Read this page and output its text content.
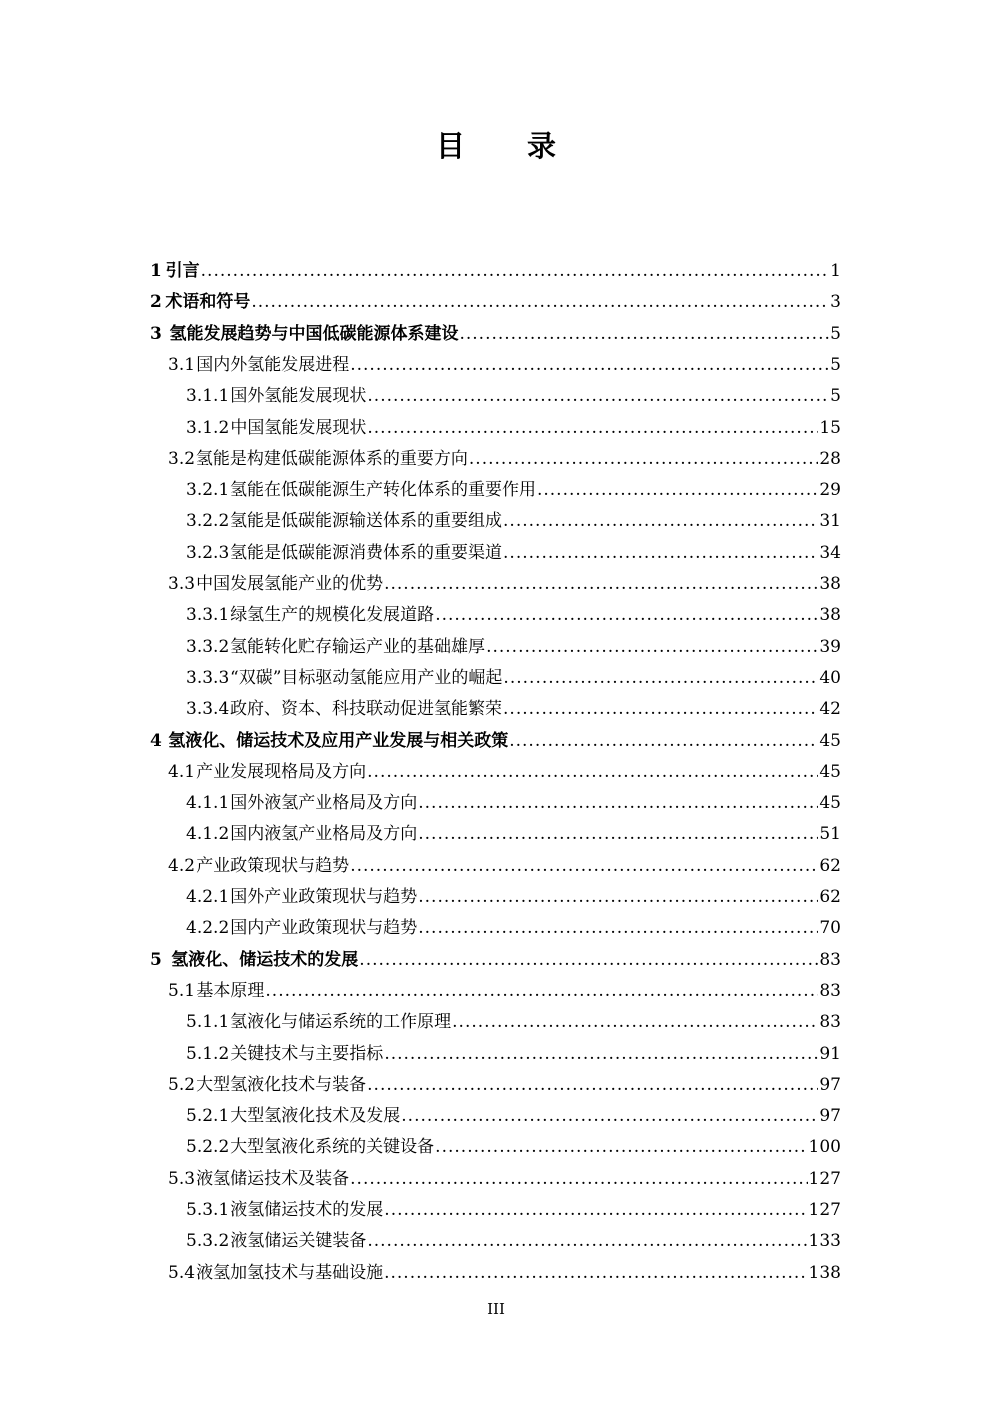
目 录
1 引言 .....	1
2 术语和符号 .....	3
3 氢能发展趋势与中国低碳能源体系建设 .....	5
3.1 国内外氢能发展进程 .....	5
3.1.1 国外氢能发展现状 .....	5
3.1.2 中国氢能发展现状 .....	15
3.2 氢能是构建低碳能源体系的重要方向 .....	28
3.2.1 氢能在低碳能源生产转化体系的重要作用 .....	29
3.2.2 氢能是低碳能源输送体系的重要组成 .....	31
3.2.3 氢能是低碳能源消费体系的重要渠道 .....	34
3.3 中国发展氢能产业的优势 .....	38
3.3.1 绿氢生产的规模化发展道路 .....	38
3.3.2 氢能转化贮存输运产业的基础雄厚 .....	39
3.3.3 “双碳”目标驱动氢能应用产业的崛起 .....	40
3.3.4 政府、资本、科技联动促进氢能繁荣 .....	42
4 氢液化、储运技术及应用产业发展与相关政策 .....	45
4.1 产业发展现格局及方向 .....	45
4.1.1 国外液氢产业格局及方向 .....	45
4.1.2 国内液氢产业格局及方向 .....	51
4.2 产业政策现状与趋势 .....	62
4.2.1 国外产业政策现状与趋势 .....	62
4.2.2 国内产业政策现状与趋势 .....	70
5 氢液化、储运技术的发展 .....	83
5.1 基本原理 .....	83
5.1.1 氢液化与储运系统的工作原理 .....	83
5.1.2 关键技术与主要指标 .....	91
5.2 大型氢液化技术与装备 .....	97
5.2.1 大型氢液化技术及发展 .....	97
5.2.2 大型氢液化系统的关键设备 .....	100
5.3 液氢储运技术及装备 .....	127
5.3.1 液氢储运技术的发展 .....	127
5.3.2 液氢储运关键装备 .....	133
5.4 液氢加氢技术与基础设施 .....	138
III
